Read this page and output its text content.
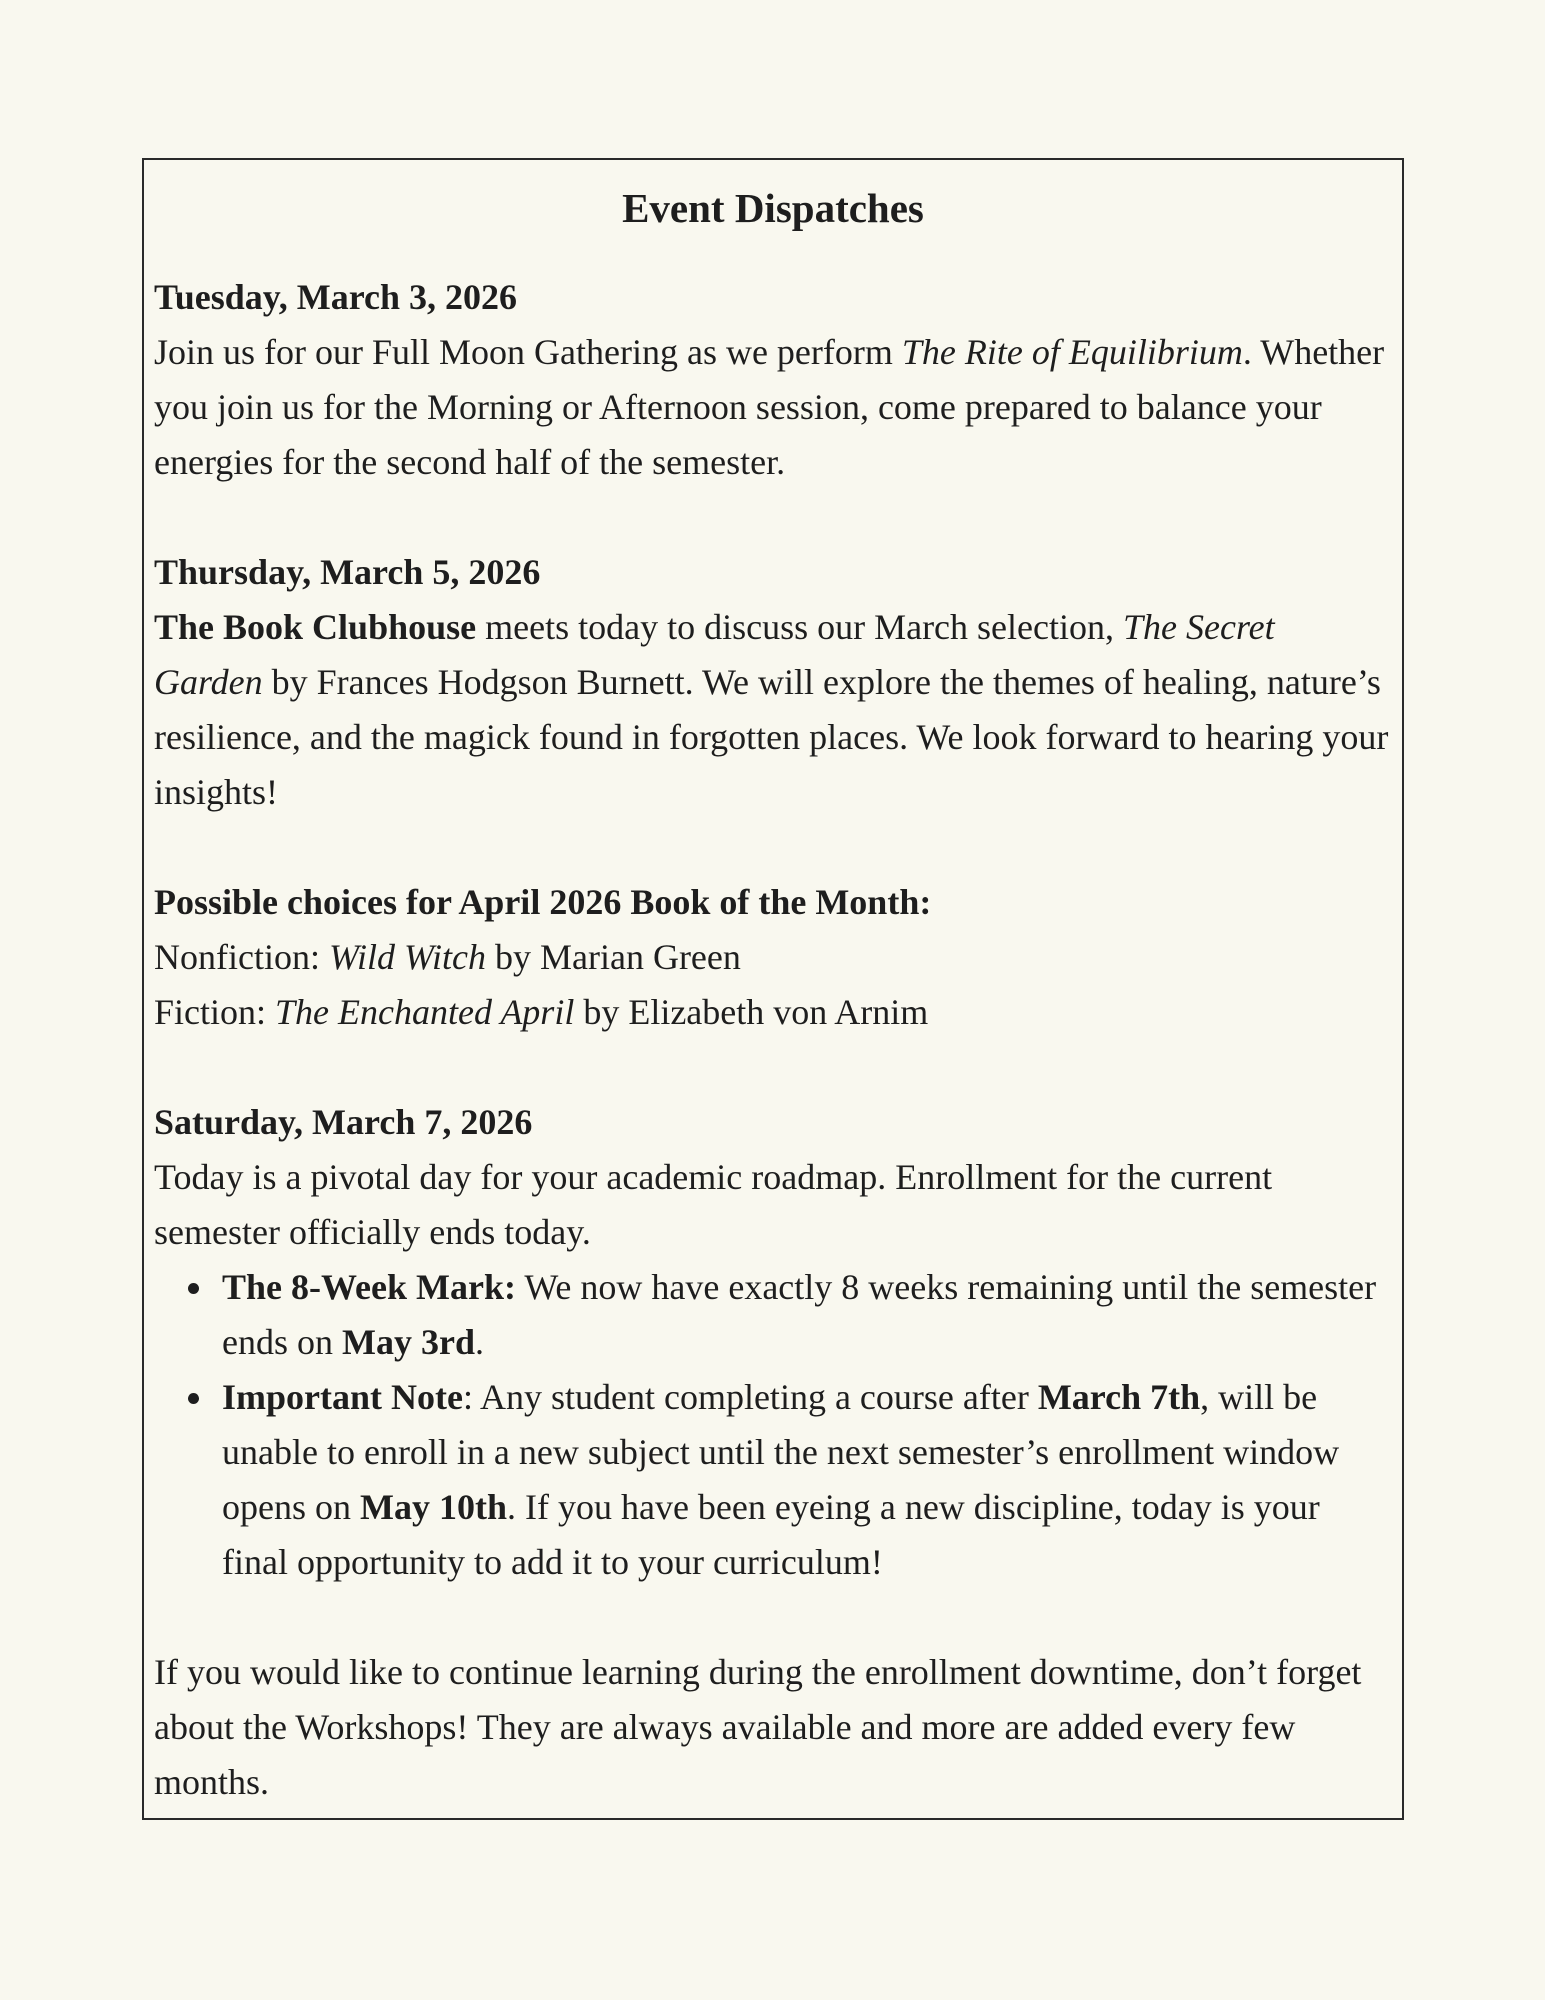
Event Dispatches
Tuesday, March 3, 2026
Join us for our Full Moon Gathering as we perform The Rite of Equilibrium. Whether you join us for the Morning or Afternoon session, come prepared to balance your energies for the second half of the semester.
Thursday, March 5, 2026
The Book Clubhouse meets today to discuss our March selection, The Secret Garden by Frances Hodgson Burnett. We will explore the themes of healing, nature’s resilience, and the magick found in forgotten places. We look forward to hearing your insights!
Possible choices for April 2026 Book of the Month:
Nonfiction: Wild Witch by Marian Green
Fiction: The Enchanted April by Elizabeth von Arnim
Saturday, March 7, 2026
Today is a pivotal day for your academic roadmap. Enrollment for the current semester officially ends today.
The 8-Week Mark: We now have exactly 8 weeks remaining until the semester ends on May 3rd.
Important Note: Any student completing a course after March 7th, will be unable to enroll in a new subject until the next semester’s enrollment window opens on May 10th. If you have been eyeing a new discipline, today is your final opportunity to add it to your curriculum!
If you would like to continue learning during the enrollment downtime, don’t forget about the Workshops! They are always available and more are added every few months.
